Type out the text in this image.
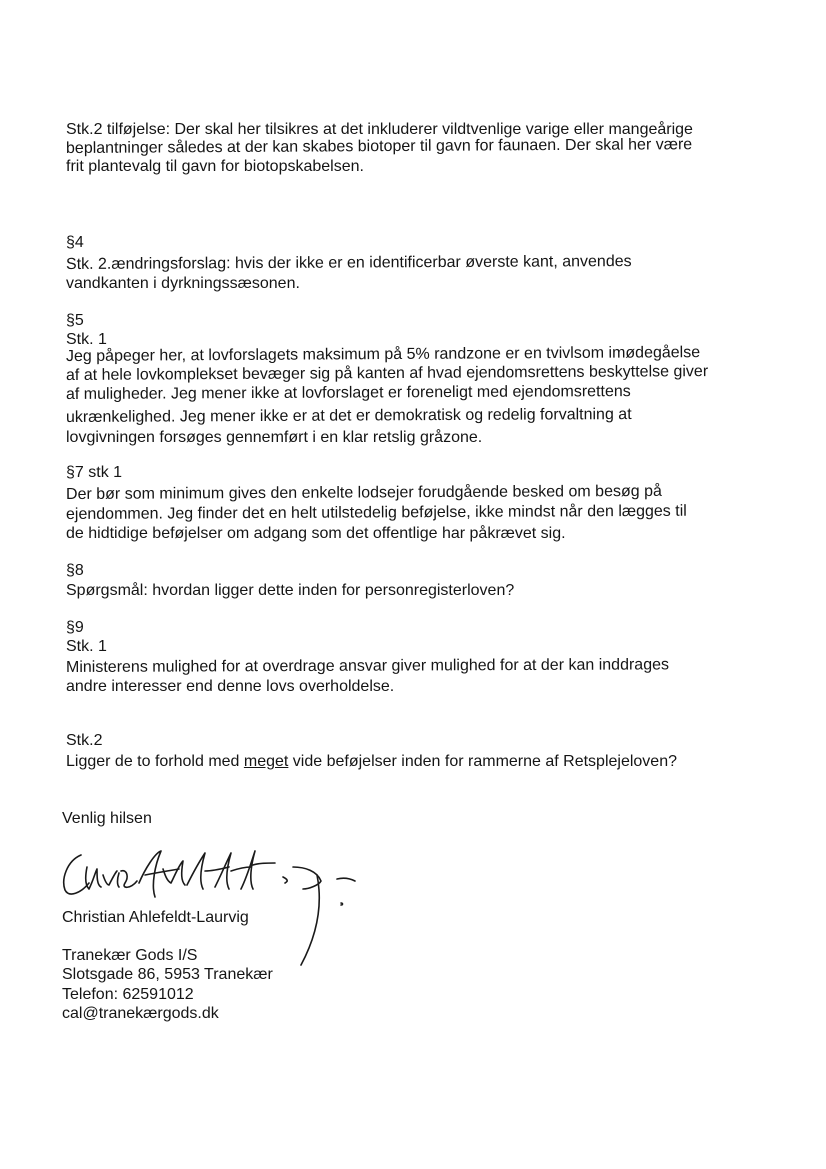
Stk.2 tilføjelse: Der skal her tilsikres at det inkluderer vildtvenlige varige eller mangeårige
beplantninger således at der kan skabes biotoper til gavn for faunaen. Der skal her være
frit plantevalg til gavn for biotopskabelsen.
§4
Stk. 2.ændringsforslag: hvis der ikke er en identificerbar øverste kant, anvendes
vandkanten i dyrkningssæsonen.
§5
Stk. 1
Jeg påpeger her, at lovforslagets maksimum på 5% randzone er en tvivlsom imødegåelse
af at hele lovkomplekset bevæger sig på kanten af hvad ejendomsrettens beskyttelse giver
af muligheder. Jeg mener ikke at lovforslaget er foreneligt med ejendomsrettens
ukrænkelighed. Jeg mener ikke er at det er demokratisk og redelig forvaltning at
lovgivningen forsøges gennemført i en klar retslig gråzone.
§7 stk 1
Der bør som minimum gives den enkelte lodsejer forudgående besked om besøg på
ejendommen. Jeg finder det en helt utilstedelig beføjelse, ikke mindst når den lægges til
de hidtidige beføjelser om adgang som det offentlige har påkrævet sig.
§8
Spørgsmål: hvordan ligger dette inden for personregisterloven?
§9
Stk. 1
Ministerens mulighed for at overdrage ansvar giver mulighed for at der kan inddrages
andre interesser end denne lovs overholdelse.
Stk.2
Ligger de to forhold med meget vide beføjelser inden for rammerne af Retsplejeloven?
Venlig hilsen
Christian Ahlefeldt-Laurvig
Tranekær Gods I/S
Slotsgade 86, 5953 Tranekær
Telefon: 62591012
cal@tranekærgods.dk
